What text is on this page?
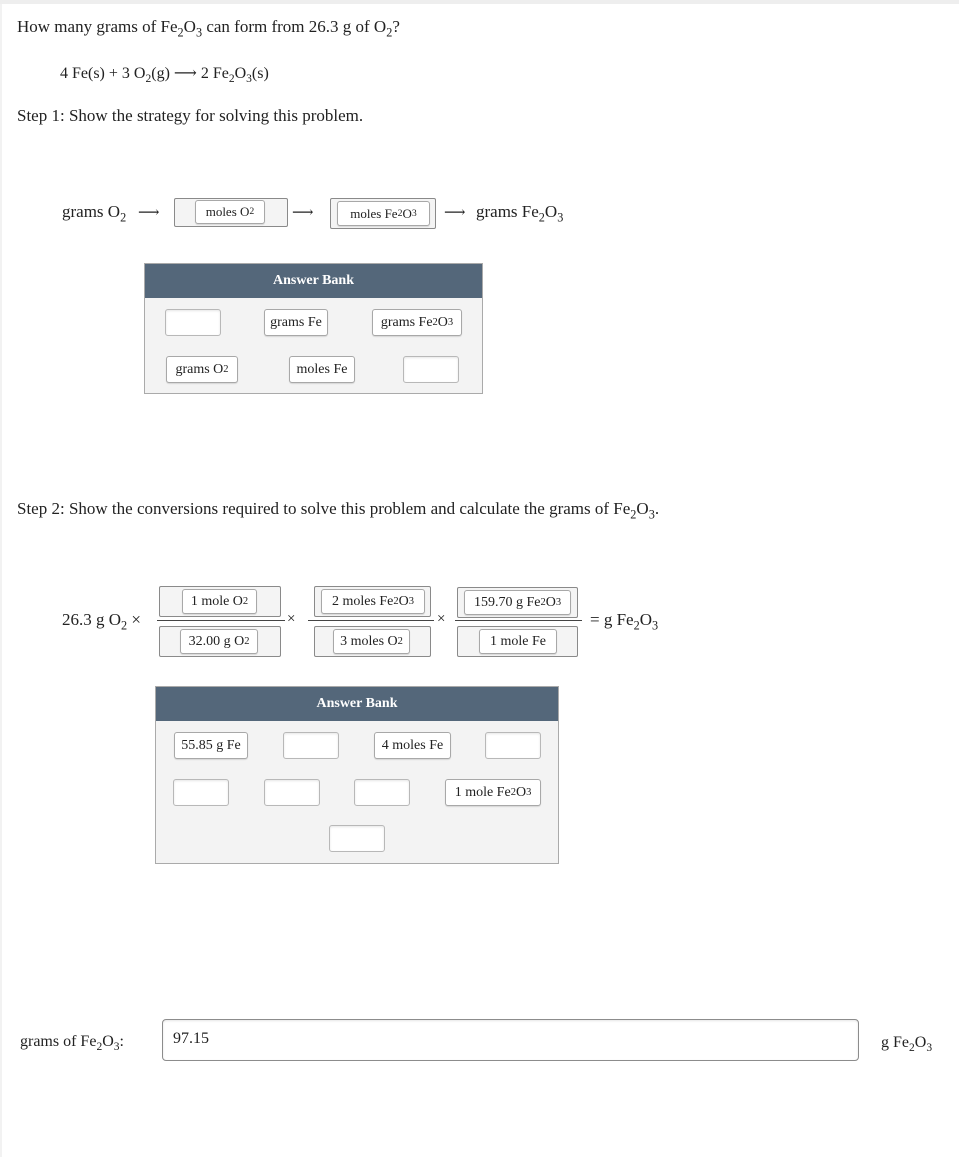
How many grams of $Fe_2O_3$ can form from 26.3 g of $O_2$?
4 Fe(s) + 3 $O_2(g)$ ⟶ 2 $Fe_2O_3(s)$
Step 1: Show the strategy for solving this problem.
grams $O_2$ ⟶	moles O 2	⟶	moles Fe 2 O 3 ⟶ grams $Fe_2O_3$
Answer Bank
grams Fe	grams Fe 2 O 3
grams O 2	moles Fe
Step 2: Show the conversions required to solve this problem and calculate the grams of $Fe_2O_3$.
26.3 g $O_2$ ×
1 mole O 2
32.00 g O 2
×
2 moles Fe 2 O 3
3 moles O 2
×
159.70 g Fe 2 O 3
1 mole Fe
= g $Fe_2O_3$
Answer Bank
55.85 g Fe	4 moles Fe
1 mole Fe 2 O 3
grams of $Fe_2O_3$:	97.15	g $Fe_2O_3$
